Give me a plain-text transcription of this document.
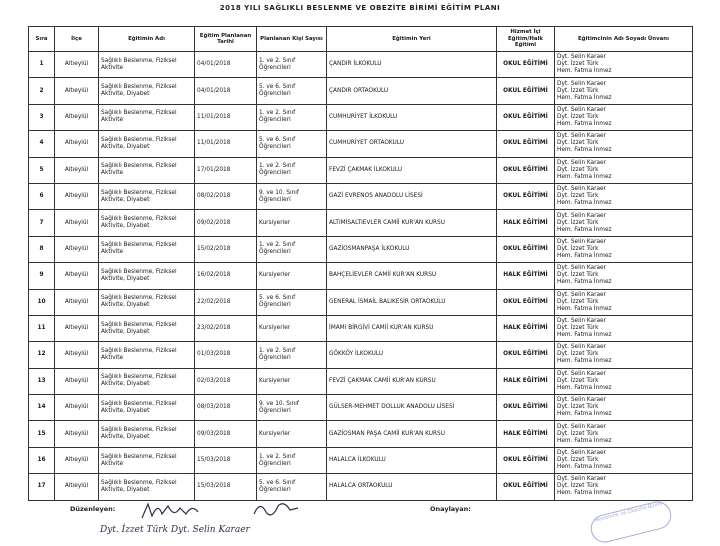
2018 YILI SAĞLIKLI BESLENME VE OBEZİTE BİRİMİ EĞİTİM PLANI
Sıra	İlçe	Eğitimin Adı	Eğitim Planlanan Tarihi	Planlanan Kişi Sayısı	Eğitimin Yeri	Hizmet İçi Eğitim/Halk Eğitimi	Eğitimcinin Adı Soyadı Ünvanı
1	Altıeylül	Sağlıklı Beslenme, Fiziksel Aktivite	04/01/2018	1. ve 2. Sınıf Öğrencileri	ÇANDIR İLKOKULU	OKUL EĞİTİMİ	Dyt. Selin Karaer
Dyt. İzzet Türk
Hem. Fatma İnmez

2	Altıeylül	Sağlıklı Beslenme, Fiziksel Aktivite, Diyabet	04/01/2018	5. ve 6. Sınıf Öğrencileri	ÇANDIR ORTAOKULU	OKUL EĞİTİMİ	Dyt. Selin Karaer
Dyt. İzzet Türk
Hem. Fatma İnmez

3	Altıeylül	Sağlıklı Beslenme, Fiziksel Aktivite	11/01/2018	1. ve 2. Sınıf Öğrencileri	CUMHURİYET İLKOKULU	OKUL EĞİTİMİ	Dyt. Selin Karaer
Dyt. İzzet Türk
Hem. Fatma İnmez

4	Altıeylül	Sağlıklı Beslenme, Fiziksel Aktivite, Diyabet	11/01/2018	5. ve 6. Sınıf Öğrencileri	CUMHURİYET ORTAOKULU	OKUL EĞİTİMİ	Dyt. Selin Karaer
Dyt. İzzet Türk
Hem. Fatma İnmez

5	Altıeylül	Sağlıklı Beslenme, Fiziksel Aktivite	17/01/2018	1. ve 2. Sınıf Öğrencileri	FEVZİ ÇAKMAK İLKOKULU	OKUL EĞİTİMİ	Dyt. Selin Karaer
Dyt. İzzet Türk
Hem. Fatma İnmez

6	Altıeylül	Sağlıklı Beslenme, Fiziksel Aktivite, Diyabet	08/02/2018	9. ve 10. Sınıf Öğrencileri	GAZİ EVRENOS ANADOLU LİSESİ	OKUL EĞİTİMİ	Dyt. Selin Karaer
Dyt. İzzet Türk
Hem. Fatma İnmez

7	Altıeylül	Sağlıklı Beslenme, Fiziksel Aktivite, Diyabet	09/02/2018	Kursiyerler	ALTIMİSALTIEVLER CAMİİ KUR'AN KURSU	HALK EĞİTİMİ	Dyt. Selin Karaer
Dyt. İzzet Türk
Hem. Fatma İnmez

8	Altıeylül	Sağlıklı Beslenme, Fiziksel Aktivite	15/02/2018	1. ve 2. Sınıf Öğrencileri	GAZİOSMANPAŞA İLKOKULU	OKUL EĞİTİMİ	Dyt. Selin Karaer
Dyt. İzzet Türk
Hem. Fatma İnmez

9	Altıeylül	Sağlıklı Beslenme, Fiziksel Aktivite, Diyabet	16/02/2018	Kursiyerler	BAHÇELİEVLER CAMİİ KUR'AN KURSU	HALK EĞİTİMİ	Dyt. Selin Karaer
Dyt. İzzet Türk
Hem. Fatma İnmez

10	Altıeylül	Sağlıklı Beslenme, Fiziksel Aktivite, Diyabet	22/02/2018	5. ve 6. Sınıf Öğrencileri	GENERAL İSMAİL BALIKESİR ORTAOKULU	OKUL EĞİTİMİ	Dyt. Selin Karaer
Dyt. İzzet Türk
Hem. Fatma İnmez

11	Altıeylül	Sağlıklı Beslenme, Fiziksel Aktivite, Diyabet	23/02/2018	Kursiyerler	İMAMI BİRGİVİ CAMİİ KUR'AN KURSU	HALK EĞİTİMİ	Dyt. Selin Karaer
Dyt. İzzet Türk
Hem. Fatma İnmez

12	Altıeylül	Sağlıklı Beslenme, Fiziksel Aktivite	01/03/2018	1. ve 2. Sınıf Öğrencileri	GÖKKÖY İLKOKULU	OKUL EĞİTİMİ	Dyt. Selin Karaer
Dyt. İzzet Türk
Hem. Fatma İnmez

13	Altıeylül	Sağlıklı Beslenme, Fiziksel Aktivite, Diyabet	02/03/2018	Kursiyerler	FEVZİ ÇAKMAK CAMİİ KUR'AN KURSU	HALK EĞİTİMİ	Dyt. Selin Karaer
Dyt. İzzet Türk
Hem. Fatma İnmez

14	Altıeylül	Sağlıklı Beslenme, Fiziksel Aktivite, Diyabet	08/03/2018	9. ve 10. Sınıf Öğrencileri	GÜLSER-MEHMET DOLLUK ANADOLU LİSESİ	OKUL EĞİTİMİ	Dyt. Selin Karaer
Dyt. İzzet Türk
Hem. Fatma İnmez

15	Altıeylül	Sağlıklı Beslenme, Fiziksel Aktivite, Diyabet	09/03/2018	Kursiyerler	GAZİOSMAN PAŞA CAMİİ KUR'AN KURSU	HALK EĞİTİMİ	Dyt. Selin Karaer
Dyt. İzzet Türk
Hem. Fatma İnmez

16	Altıeylül	Sağlıklı Beslenme, Fiziksel Aktivite	15/03/2018	1. ve 2. Sınıf Öğrencileri	HALALCA İLKOKULU	OKUL EĞİTİMİ	Dyt. Selin Karaer
Dyt. İzzet Türk
Hem. Fatma İnmez

17	Altıeylül	Sağlıklı Beslenme, Fiziksel Aktivite, Diyabet	15/03/2018	5. ve 6. Sınıf Öğrencileri	HALALCA ORTAOKULU	OKUL EĞİTİMİ	Dyt. Selin Karaer
Dyt. İzzet Türk
Hem. Fatma İnmez
Düzenleyen:	Onaylayan:
Dyt. İzzet Türk Dyt. Selin Karaer
Beslenme ve Obezite Birimi
